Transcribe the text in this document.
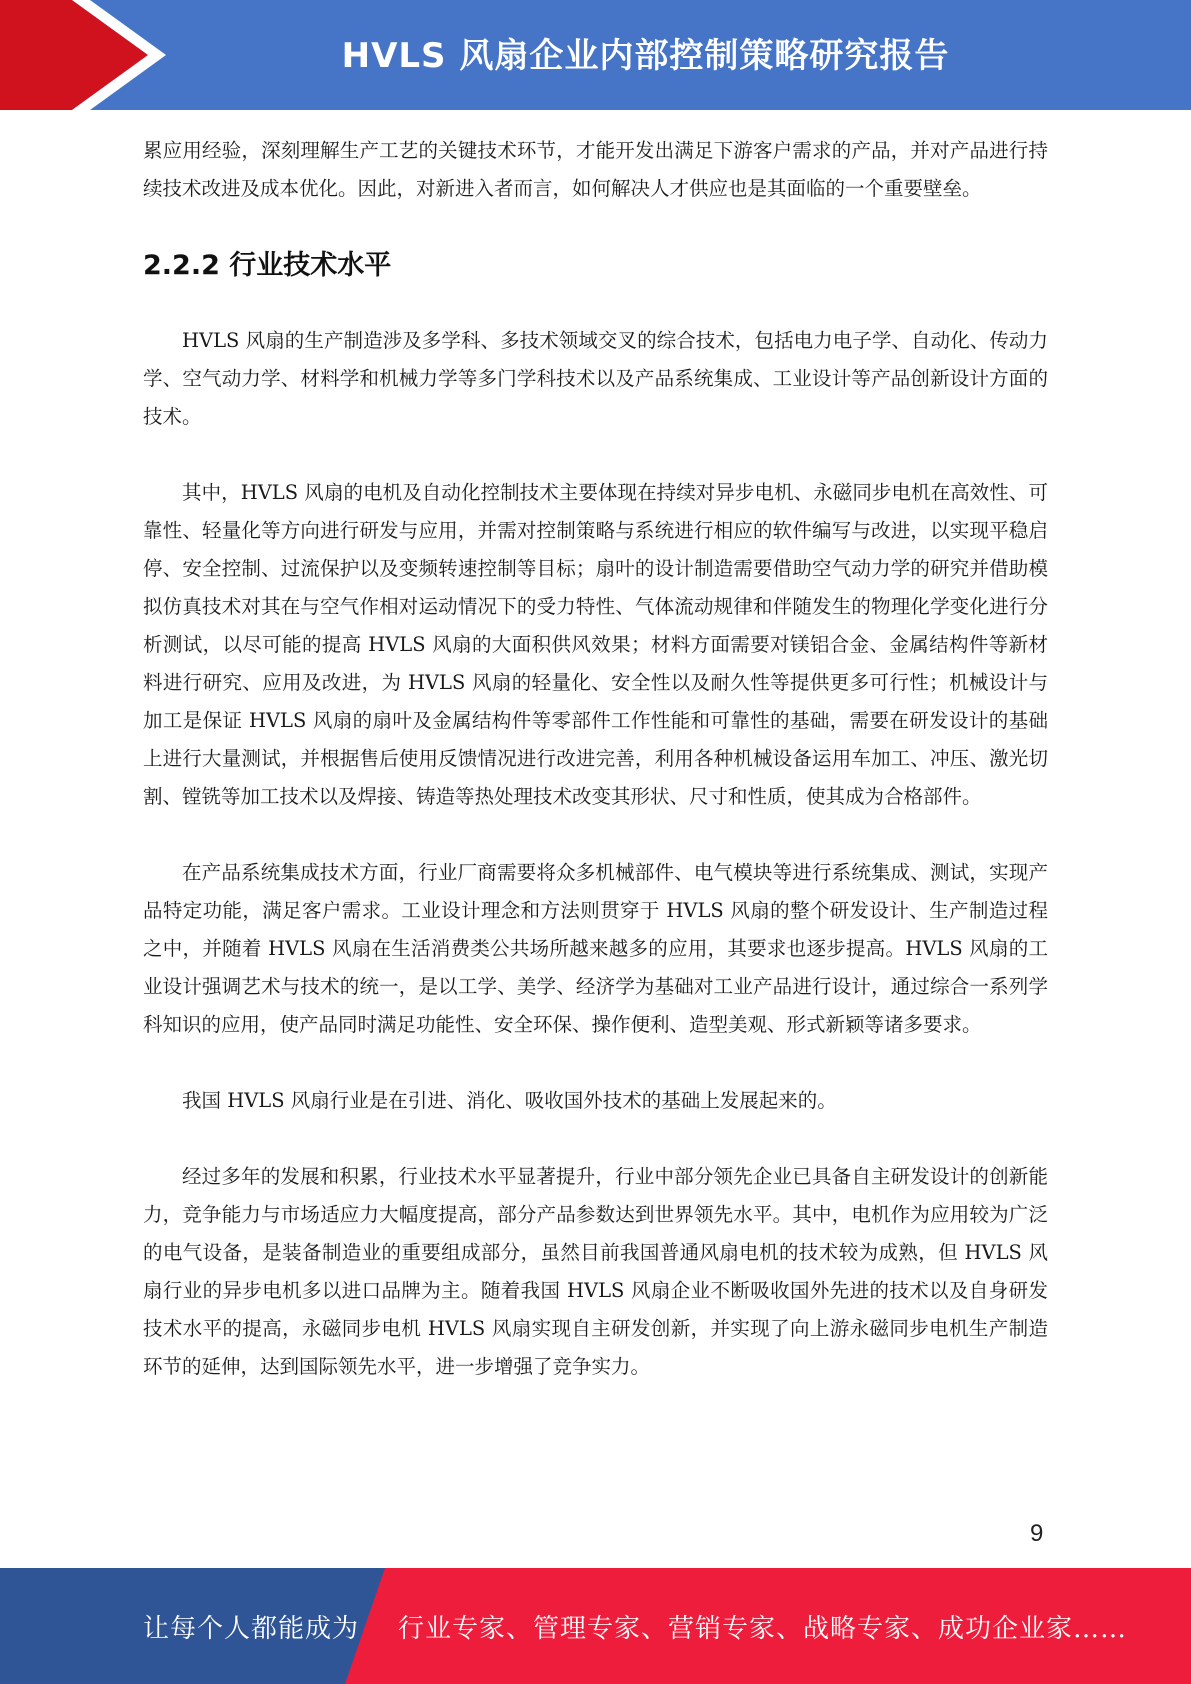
HVLS 风扇企业内部控制策略研究报告

累应用经验，深刻理解生产工艺的关键技术环节，才能开发出满足下游客户需求的产品，并对产品进行持续技术改进及成本优化。因此，对新进入者而言，如何解决人才供应也是其面临的一个重要壁垒。

2.2.2 行业技术水平

HVLS 风扇的生产制造涉及多学科、多技术领域交叉的综合技术，包括电力电子学、自动化、传动力学、空气动力学、材料学和机械力学等多门学科技术以及产品系统集成、工业设计等产品创新设计方面的技术。

其中，HVLS 风扇的电机及自动化控制技术主要体现在持续对异步电机、永磁同步电机在高效性、可靠性、轻量化等方向进行研发与应用，并需对控制策略与系统进行相应的软件编写与改进，以实现平稳启停、安全控制、过流保护以及变频转速控制等目标；扇叶的设计制造需要借助空气动力学的研究并借助模拟仿真技术对其在与空气作相对运动情况下的受力特性、气体流动规律和伴随发生的物理化学变化进行分析测试，以尽可能的提高 HVLS 风扇的大面积供风效果；材料方面需要对镁铝合金、金属结构件等新材料进行研究、应用及改进，为 HVLS 风扇的轻量化、安全性以及耐久性等提供更多可行性；机械设计与加工是保证 HVLS 风扇的扇叶及金属结构件等零部件工作性能和可靠性的基础，需要在研发设计的基础上进行大量测试，并根据售后使用反馈情况进行改进完善，利用各种机械设备运用车加工、冲压、激光切割、镗铣等加工技术以及焊接、铸造等热处理技术改变其形状、尺寸和性质，使其成为合格部件。

在产品系统集成技术方面，行业厂商需要将众多机械部件、电气模块等进行系统集成、测试，实现产品特定功能，满足客户需求。工业设计理念和方法则贯穿于 HVLS 风扇的整个研发设计、生产制造过程之中，并随着 HVLS 风扇在生活消费类公共场所越来越多的应用，其要求也逐步提高。HVLS 风扇的工业设计强调艺术与技术的统一，是以工学、美学、经济学为基础对工业产品进行设计，通过综合一系列学科知识的应用，使产品同时满足功能性、安全环保、操作便利、造型美观、形式新颖等诸多要求。

我国 HVLS 风扇行业是在引进、消化、吸收国外技术的基础上发展起来的。

经过多年的发展和积累，行业技术水平显著提升，行业中部分领先企业已具备自主研发设计的创新能力，竞争能力与市场适应力大幅度提高，部分产品参数达到世界领先水平。其中，电机作为应用较为广泛的电气设备，是装备制造业的重要组成部分，虽然目前我国普通风扇电机的技术较为成熟，但 HVLS 风扇行业的异步电机多以进口品牌为主。随着我国 HVLS 风扇企业不断吸收国外先进的技术以及自身研发技术水平的提高，永磁同步电机 HVLS 风扇实现自主研发创新，并实现了向上游永磁同步电机生产制造环节的延伸，达到国际领先水平，进一步增强了竞争实力。

9
让每个人都能成为 行业专家、管理专家、营销专家、战略专家、成功企业家……
